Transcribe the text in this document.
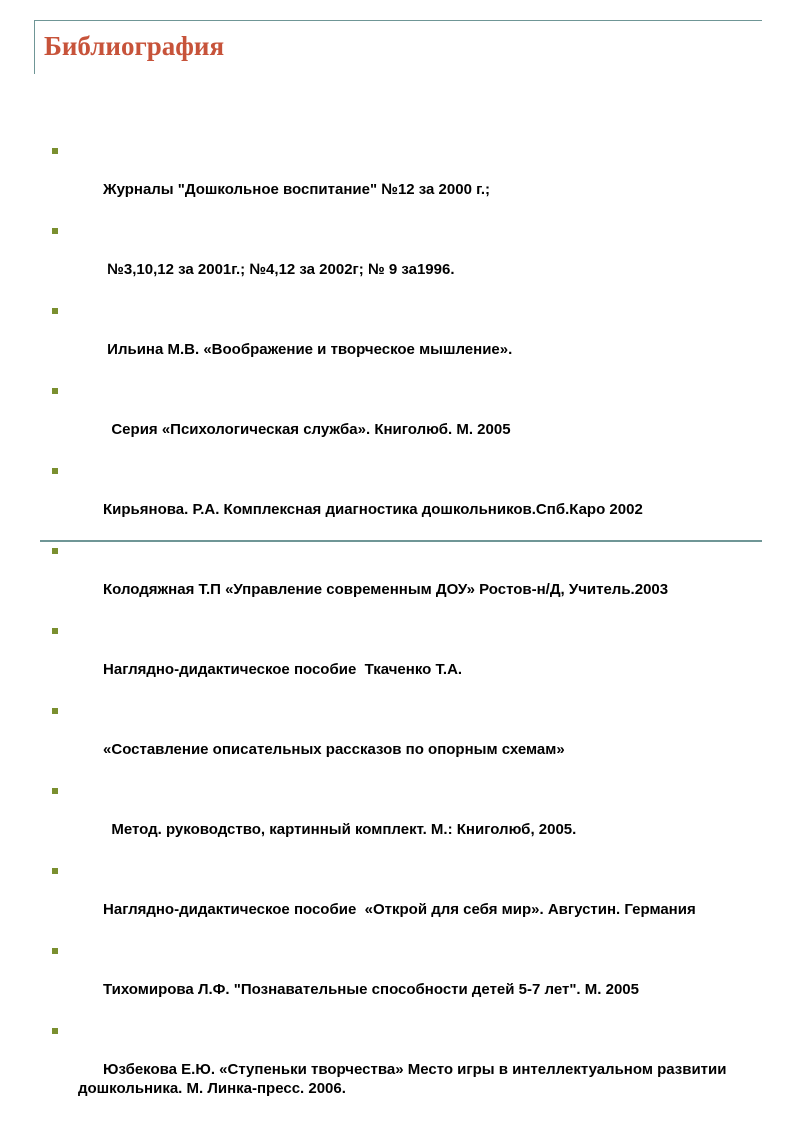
Библиография

Журналы "Дошкольное воспитание" №12 за 2000 г.;

№3,10,12 за 2001г.; №4,12 за 2002г; № 9 за1996.

Ильина М.В. «Воображение и творческое мышление».

Серия «Психологическая служба». Книголюб. М. 2005

Кирьянова. Р.А. Комплексная диагностика дошкольников.Спб.Каро 2002

Колодяжная Т.П «Управление современным ДОУ» Ростов-н/Д, Учитель.2003

Наглядно-дидактическое пособие  Ткаченко Т.А.

«Составление описательных рассказов по опорным схемам»

Метод. руководство, картинный комплект. М.: Книголюб, 2005.

Наглядно-дидактическое пособие  «Открой для себя мир». Августин. Германия

Тихомирова Л.Ф. "Познавательные способности детей 5-7 лет". М. 2005

Юзбекова Е.Ю. «Ступеньки творчества» Место игры в интеллектуальном развитии дошкольника. М. Линка-пресс. 2006.
